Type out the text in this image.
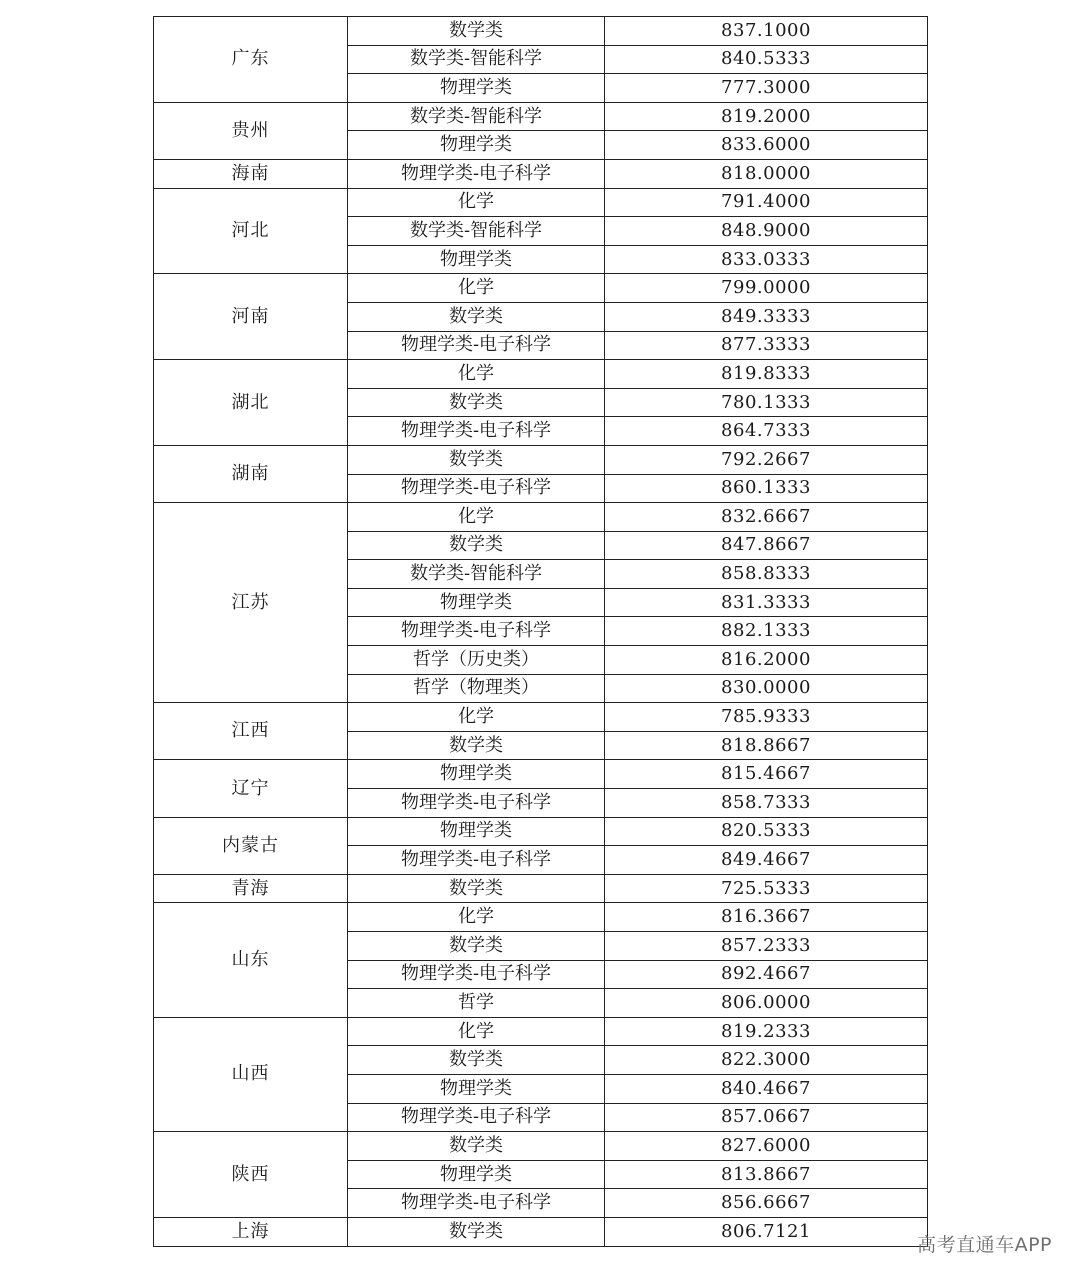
广东	数学类	837.1000
	数学类-智能科学	840.5333
	物理学类	777.3000
贵州	数学类-智能科学	819.2000
	物理学类	833.6000
海南	物理学类-电子科学	818.0000
河北	化学	791.4000
	数学类-智能科学	848.9000
	物理学类	833.0333
河南	化学	799.0000
	数学类	849.3333
	物理学类-电子科学	877.3333
湖北	化学	819.8333
	数学类	780.1333
	物理学类-电子科学	864.7333
湖南	数学类	792.2667
	物理学类-电子科学	860.1333
江苏	化学	832.6667
	数学类	847.8667
	数学类-智能科学	858.8333
	物理学类	831.3333
	物理学类-电子科学	882.1333
	哲学（历史类）	816.2000
	哲学（物理类）	830.0000
江西	化学	785.9333
	数学类	818.8667
辽宁	物理学类	815.4667
	物理学类-电子科学	858.7333
内蒙古	物理学类	820.5333
	物理学类-电子科学	849.4667
青海	数学类	725.5333
山东	化学	816.3667
	数学类	857.2333
	物理学类-电子科学	892.4667
	哲学	806.0000
山西	化学	819.2333
	数学类	822.3000
	物理学类	840.4667
	物理学类-电子科学	857.0667
陕西	数学类	827.6000
	物理学类	813.8667
	物理学类-电子科学	856.6667
上海	数学类	806.7121
高考直通车APP
